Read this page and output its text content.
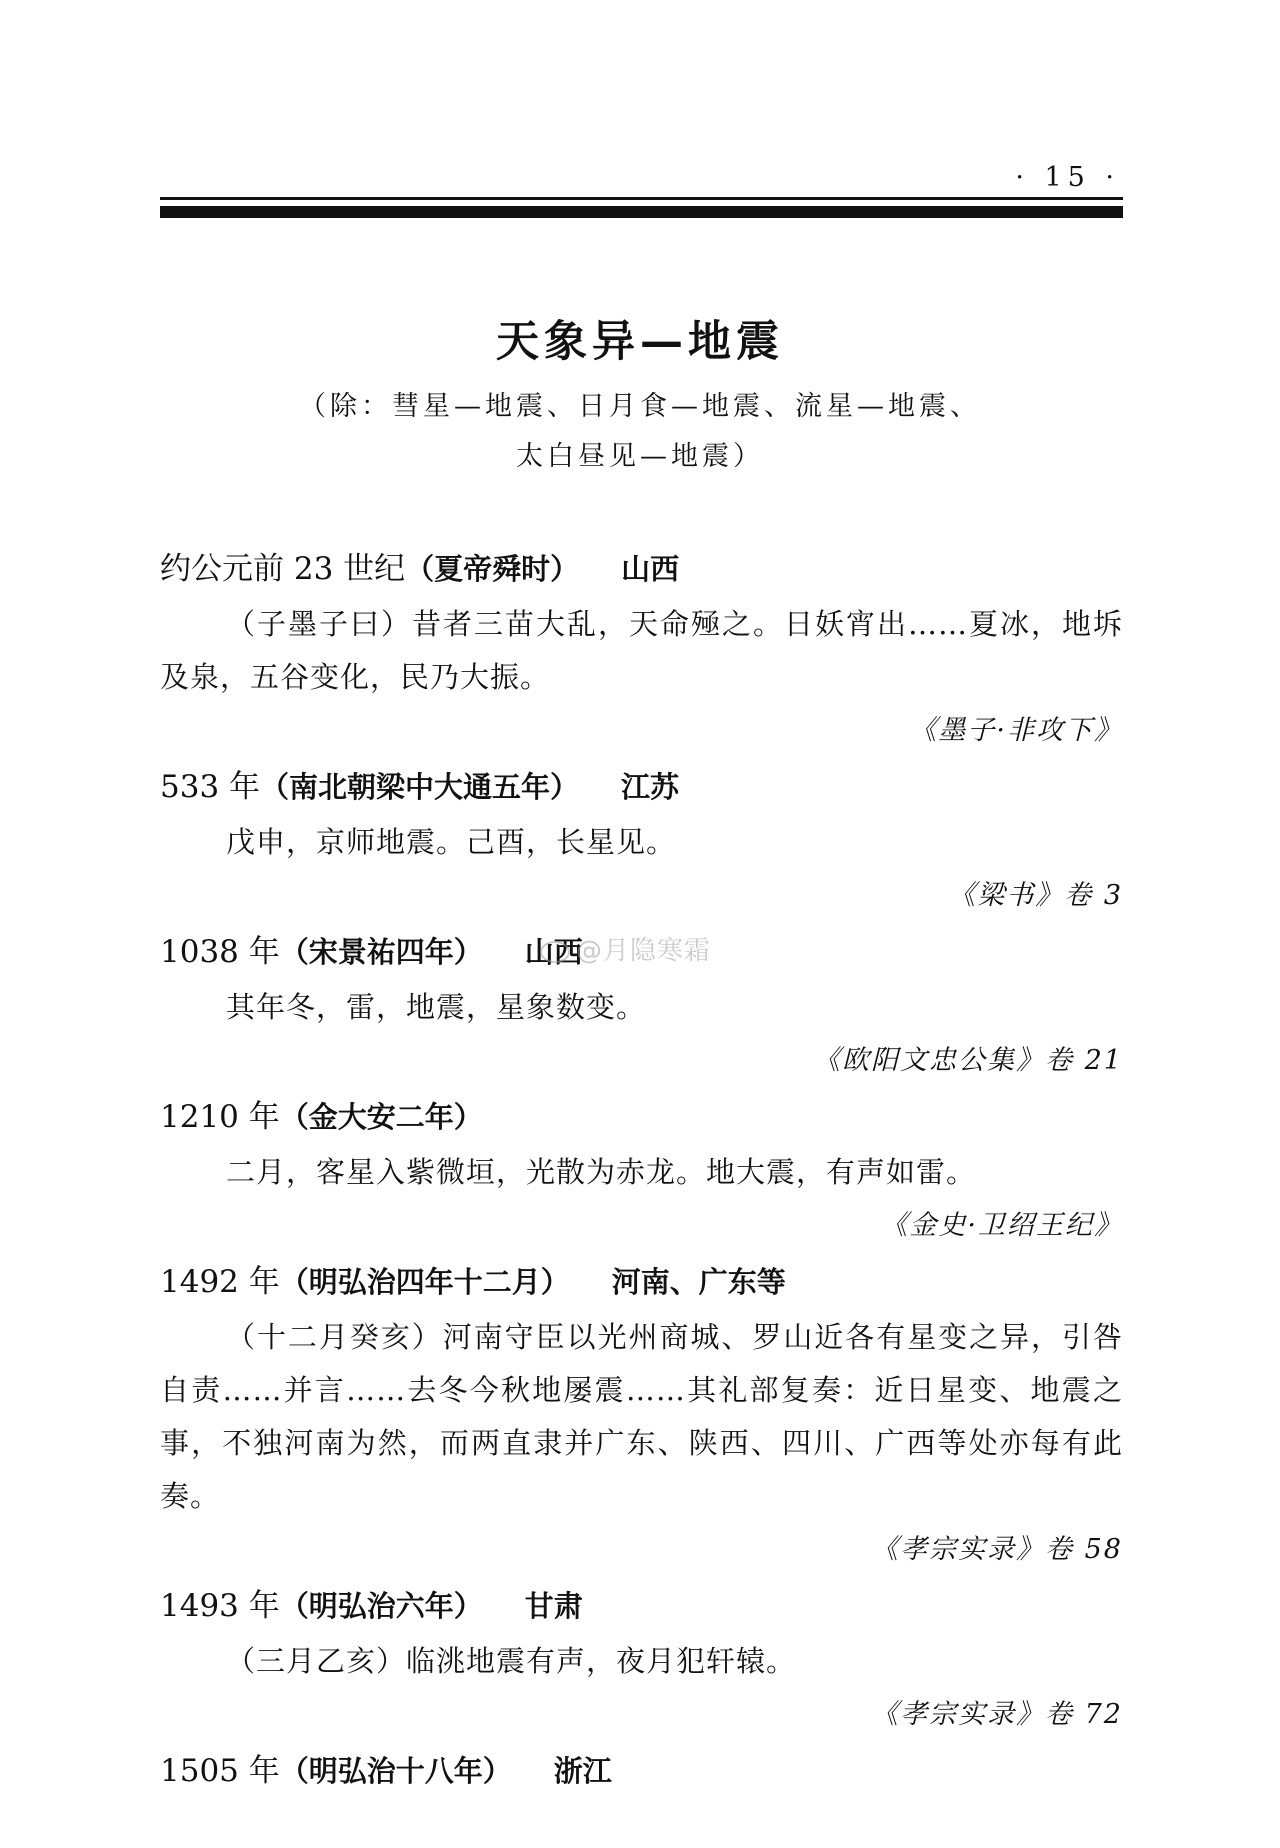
· 15 ·
天象异—地震
（除：彗星—地震、日月食—地震、流星—地震、
太白昼见—地震）
约公元前 23 世纪（夏帝舜时） 山西

（子墨子曰）昔者三苗大乱，天命殛之。日妖宵出……夏冰，地坼及泉，五谷变化，民乃大振。

《墨子·非攻下》
533 年（南北朝梁中大通五年） 江苏

戊申，京师地震。己酉，长星见。

《梁书》卷 3
1038 年（宋景祐四年） 山西

其年冬，雷，地震，星象数变。

《欧阳文忠公集》卷 21
1210 年（金大安二年）

二月，客星入紫微垣，光散为赤龙。地大震，有声如雷。

《金史·卫绍王纪》
1492 年（明弘治四年十二月） 河南、广东等

（十二月癸亥）河南守臣以光州商城、罗山近各有星变之异，引咎自责……并言……去冬今秋地屡震……其礼部复奏：近日星变、地震之事，不独河南为然，而两直隶并广东、陕西、四川、广西等处亦每有此奏。

《孝宗实录》卷 58
1493 年（明弘治六年） 甘肃

（三月乙亥）临洮地震有声，夜月犯轩辕。

《孝宗实录》卷 72
1505 年（明弘治十八年） 浙江
@月隐寒霜
